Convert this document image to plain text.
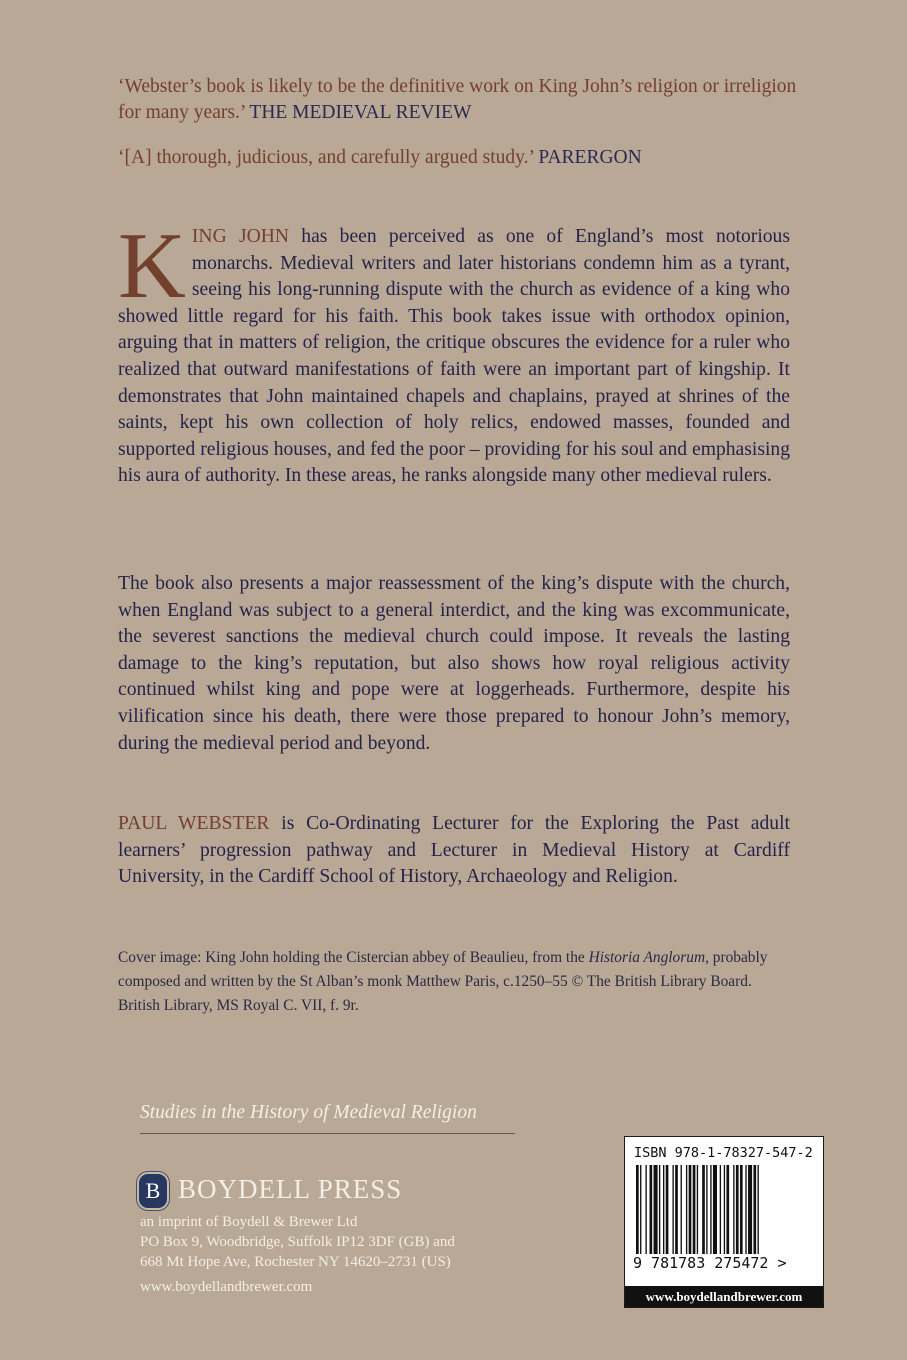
‘Webster’s book is likely to be the definitive work on King John’s religion or irreligion for many years.’ THE MEDIEVAL REVIEW
‘[A] thorough, judicious, and carefully argued study.’ PARERGON
KING JOHN has been perceived as one of England’s most notorious monarchs. Medieval writers and later historians condemn him as a tyrant, seeing his long-running dispute with the church as evidence of a king who showed little regard for his faith. This book takes issue with orthodox opinion, arguing that in matters of religion, the critique obscures the evidence for a ruler who realized that outward manifestations of faith were an important part of kingship. It demonstrates that John maintained chapels and chaplains, prayed at shrines of the saints, kept his own collection of holy relics, endowed masses, founded and supported religious houses, and fed the poor – providing for his soul and emphasising his aura of authority. In these areas, he ranks alongside many other medieval rulers.
The book also presents a major reassessment of the king’s dispute with the church, when England was subject to a general interdict, and the king was excommunicate, the severest sanctions the medieval church could impose. It reveals the lasting damage to the king’s reputation, but also shows how royal religious activity continued whilst king and pope were at loggerheads. Furthermore, despite his vilification since his death, there were those prepared to honour John’s memory, during the medieval period and beyond.
PAUL WEBSTER is Co-Ordinating Lecturer for the Exploring the Past adult learners’ progression pathway and Lecturer in Medieval History at Cardiff University, in the Cardiff School of History, Archaeology and Religion.
Cover image: King John holding the Cistercian abbey of Beaulieu, from the Historia Anglorum, probably composed and written by the St Alban’s monk Matthew Paris, c.1250–55 © The British Library Board. British Library, MS Royal C. VII, f. 9r.
Studies in the History of Medieval Religion
B BOYDELL PRESS
an imprint of Boydell & Brewer Ltd
PO Box 9, Woodbridge, Suffolk IP12 3DF (GB) and
668 Mt Hope Ave, Rochester NY 14620–2731 (US)
www.boydellandbrewer.com
ISBN 978-1-78327-547-2
9 781783 275472 >
www.boydellandbrewer.com
